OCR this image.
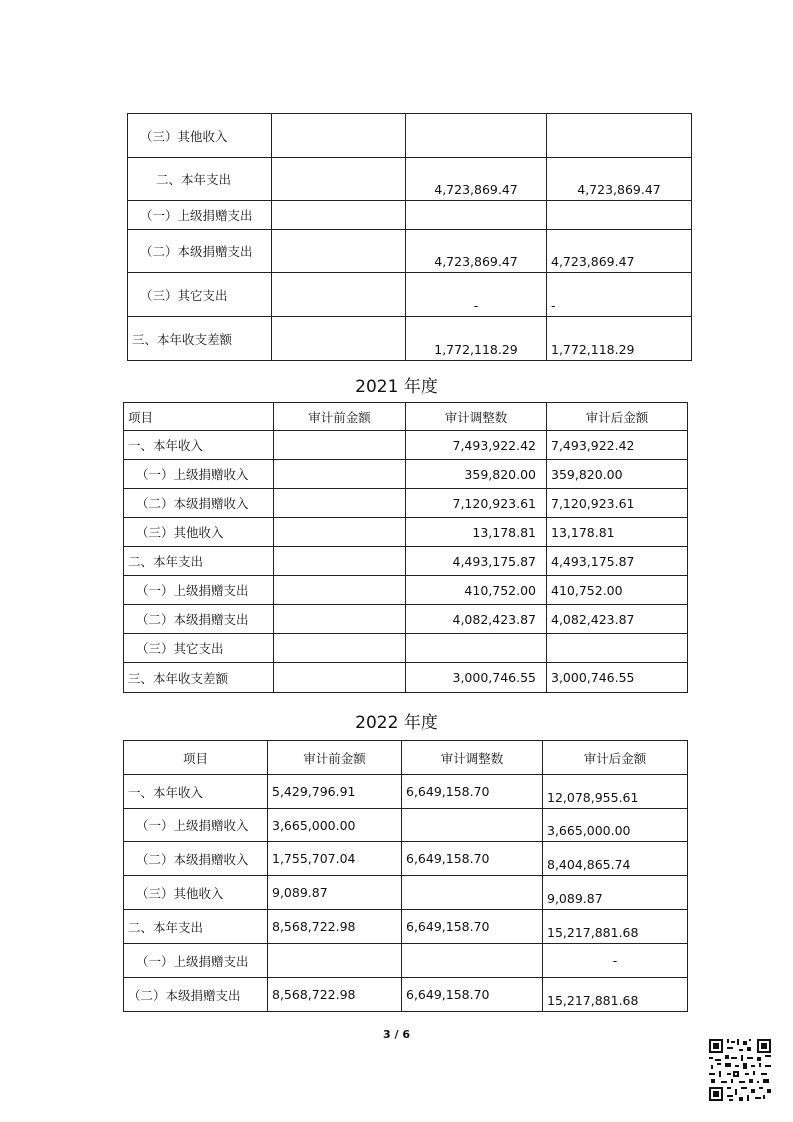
（三）其他收入			
二、本年支出		4,723,869.47	4,723,869.47
（一）上级捐赠支出			
（二）本级捐赠支出		4,723,869.47	4,723,869.47
（三）其它支出		-	-
三、本年收支差额		1,772,118.29	1,772,118.29
2021 年度
项目	审计前金额	审计调整数	审计后金额
一、本年收入		7,493,922.42	7,493,922.42
（一）上级捐赠收入		359,820.00	359,820.00
（二）本级捐赠收入		7,120,923.61	7,120,923.61
（三）其他收入		13,178.81	13,178.81
二、本年支出		4,493,175.87	4,493,175.87
（一）上级捐赠支出		410,752.00	410,752.00
（二）本级捐赠支出		4,082,423.87	4,082,423.87
（三）其它支出			
三、本年收支差额		3,000,746.55	3,000,746.55
2022 年度
项目	审计前金额	审计调整数	审计后金额
一、本年收入	5,429,796.91	6,649,158.70	12,078,955.61
（一）上级捐赠收入	3,665,000.00		3,665,000.00
（二）本级捐赠收入	1,755,707.04	6,649,158.70	8,404,865.74
（三）其他收入	9,089.87		9,089.87
二、本年支出	8,568,722.98	6,649,158.70	15,217,881.68
（一）上级捐赠支出			-
（二）本级捐赠支出	8,568,722.98	6,649,158.70	15,217,881.68
3 / 6
